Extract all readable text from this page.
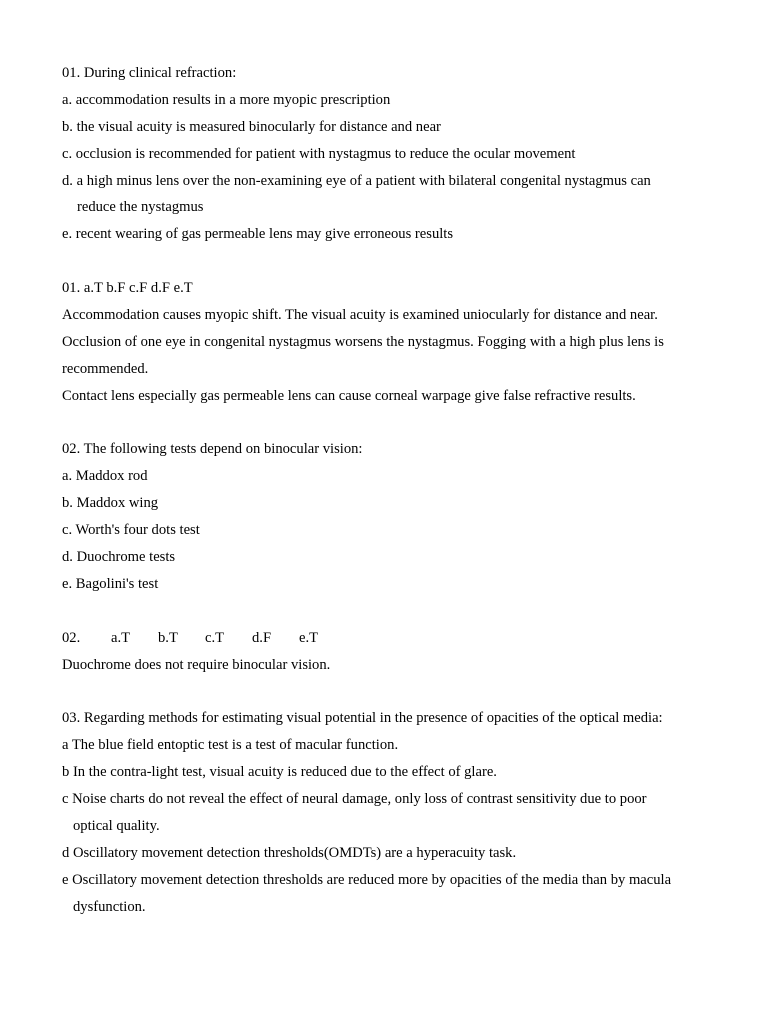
01. During clinical refraction:
a. accommodation results in a more myopic prescription
b. the visual acuity is measured binocularly for distance and near
c. occlusion is recommended for patient with nystagmus to reduce the ocular movement
d. a high minus lens over the non-examining eye of a patient with bilateral congenital nystagmus can
reduce the nystagmus
e. recent wearing of gas permeable lens may give erroneous results
01. a.T b.F c.F d.F e.T
Accommodation causes myopic shift. The visual acuity is examined uniocularly for distance and near.
Occlusion of one eye in congenital nystagmus worsens the nystagmus. Fogging with a high plus lens is
recommended.
Contact lens especially gas permeable lens can cause corneal warpage give false refractive results.
02. The following tests depend on binocular vision:
a. Maddox rod
b. Maddox wing
c. Worth's four dots test
d. Duochrome tests
e. Bagolini's test
02. a.T b.T c.T d.F e.T
Duochrome does not require binocular vision.
03. Regarding methods for estimating visual potential in the presence of opacities of the optical media:
a The blue field entoptic test is a test of macular function.
b In the contra-light test, visual acuity is reduced due to the effect of glare.
c Noise charts do not reveal the effect of neural damage, only loss of contrast sensitivity due to poor
optical quality.
d Oscillatory movement detection thresholds(OMDTs) are a hyperacuity task.
e Oscillatory movement detection thresholds are reduced more by opacities of the media than by macula
dysfunction.
